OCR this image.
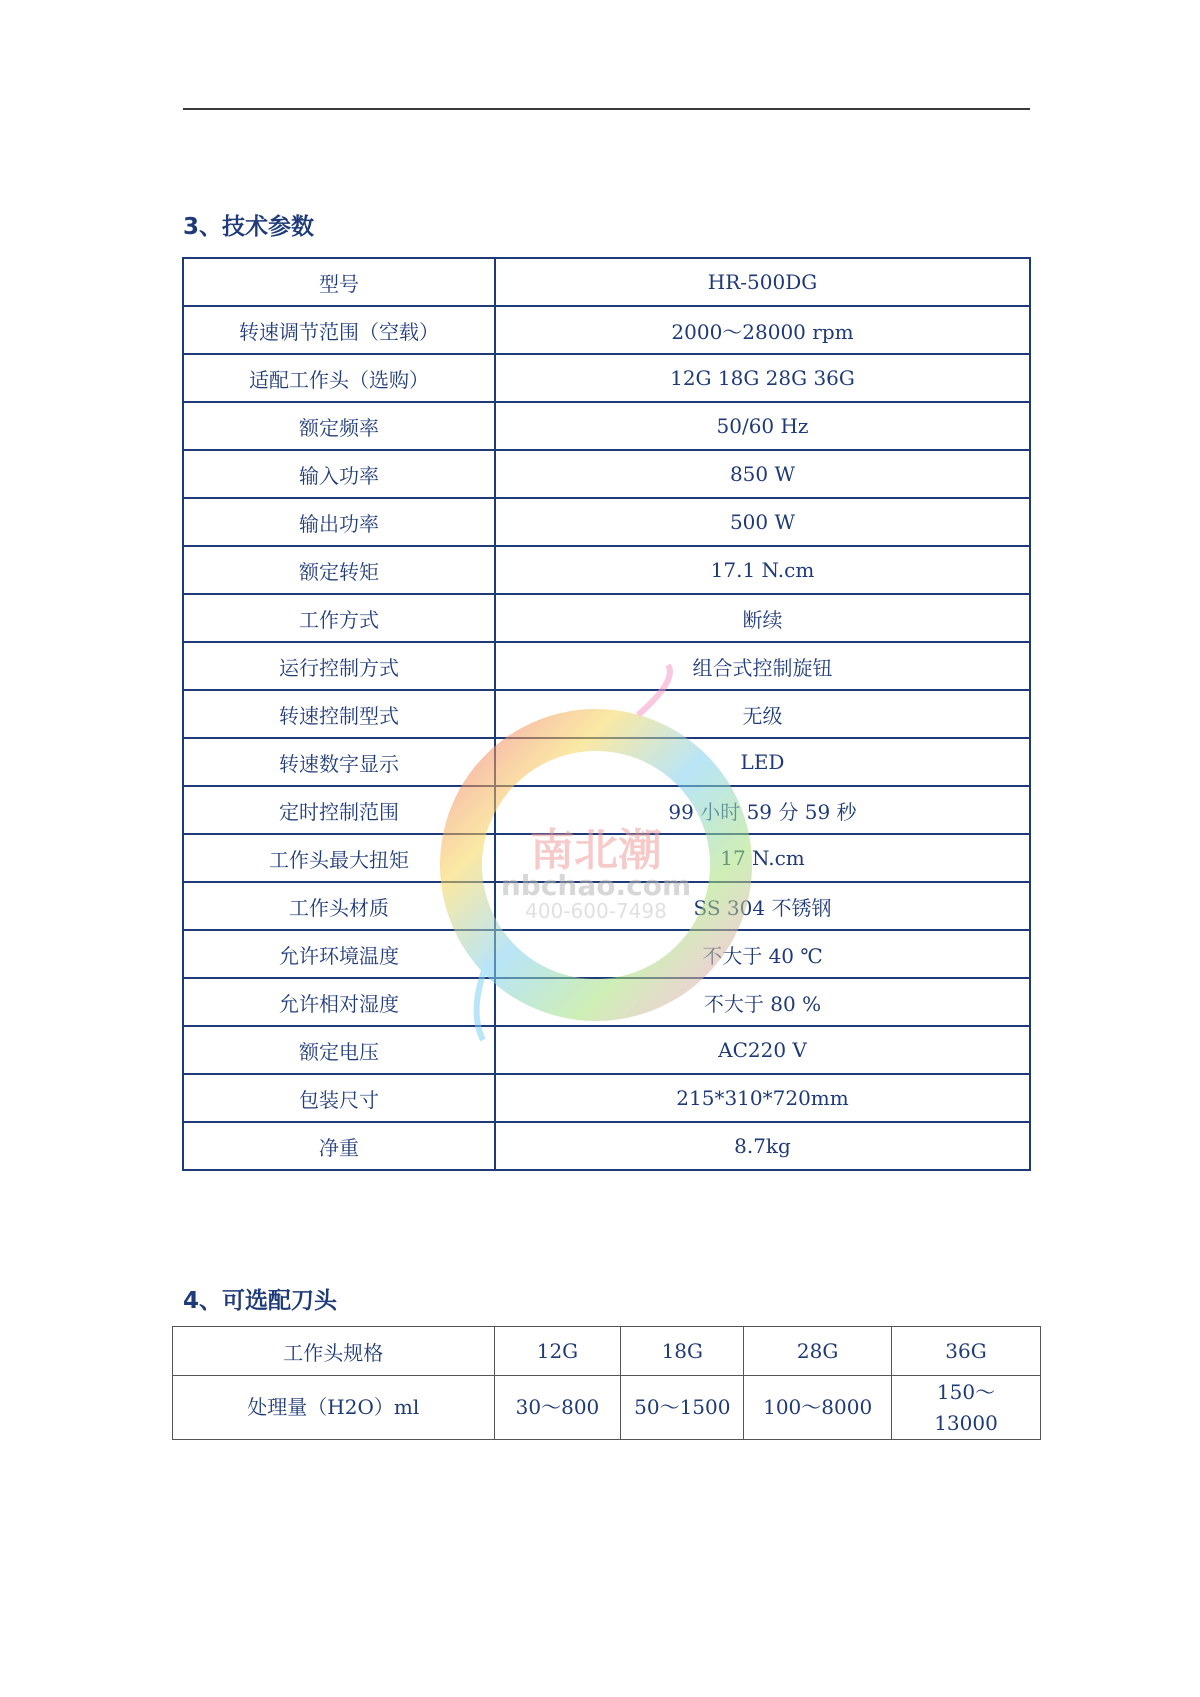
3、技术参数
型号	HR-500DG
转速调节范围（空载）	2000～28000 rpm
适配工作头（选购）	12G 18G 28G 36G
额定频率	50/60 Hz
输入功率	850 W
输出功率	500 W
额定转矩	17.1 N.cm
工作方式	断续
运行控制方式	组合式控制旋钮
转速控制型式	无级
转速数字显示	LED
定时控制范围	99 小时 59 分 59 秒
工作头最大扭矩	17 N.cm
工作头材质	SS 304 不锈钢
允许环境温度	不大于 40 ℃
允许相对湿度	不大于 80 %
额定电压	AC220 V
包装尺寸	215*310*720mm
净重	8.7kg
4、可选配刀头
工作头规格	12G	18G	28G	36G
处理量（H2O）ml	30～800	50～1500	100～8000	150～13000
南北潮
nbchao.com
400-600-7498
